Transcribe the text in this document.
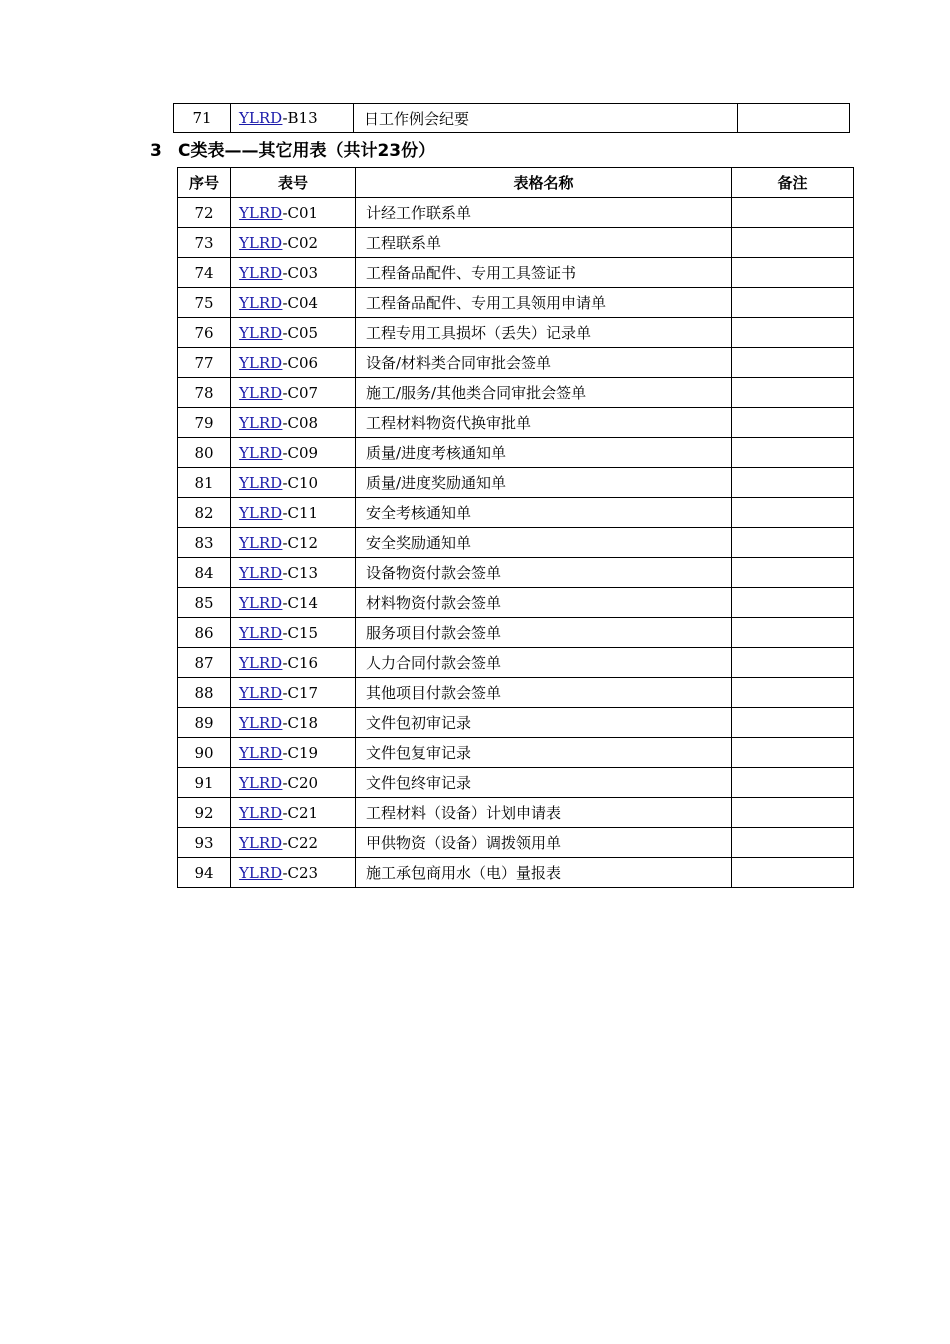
71	YLRD-B13	日工作例会纪要	
3 C类表——其它用表（共计23份）
序号	表号	表格名称	备注
72	YLRD-C01	计经工作联系单	
73	YLRD-C02	工程联系单	
74	YLRD-C03	工程备品配件、专用工具签证书	
75	YLRD-C04	工程备品配件、专用工具领用申请单	
76	YLRD-C05	工程专用工具损坏（丢失）记录单	
77	YLRD-C06	设备/材料类合同审批会签单	
78	YLRD-C07	施工/服务/其他类合同审批会签单	
79	YLRD-C08	工程材料物资代换审批单	
80	YLRD-C09	质量/进度考核通知单	
81	YLRD-C10	质量/进度奖励通知单	
82	YLRD-C11	安全考核通知单	
83	YLRD-C12	安全奖励通知单	
84	YLRD-C13	设备物资付款会签单	
85	YLRD-C14	材料物资付款会签单	
86	YLRD-C15	服务项目付款会签单	
87	YLRD-C16	人力合同付款会签单	
88	YLRD-C17	其他项目付款会签单	
89	YLRD-C18	文件包初审记录	
90	YLRD-C19	文件包复审记录	
91	YLRD-C20	文件包终审记录	
92	YLRD-C21	工程材料（设备）计划申请表	
93	YLRD-C22	甲供物资（设备）调拨领用单	
94	YLRD-C23	施工承包商用水（电）量报表	
